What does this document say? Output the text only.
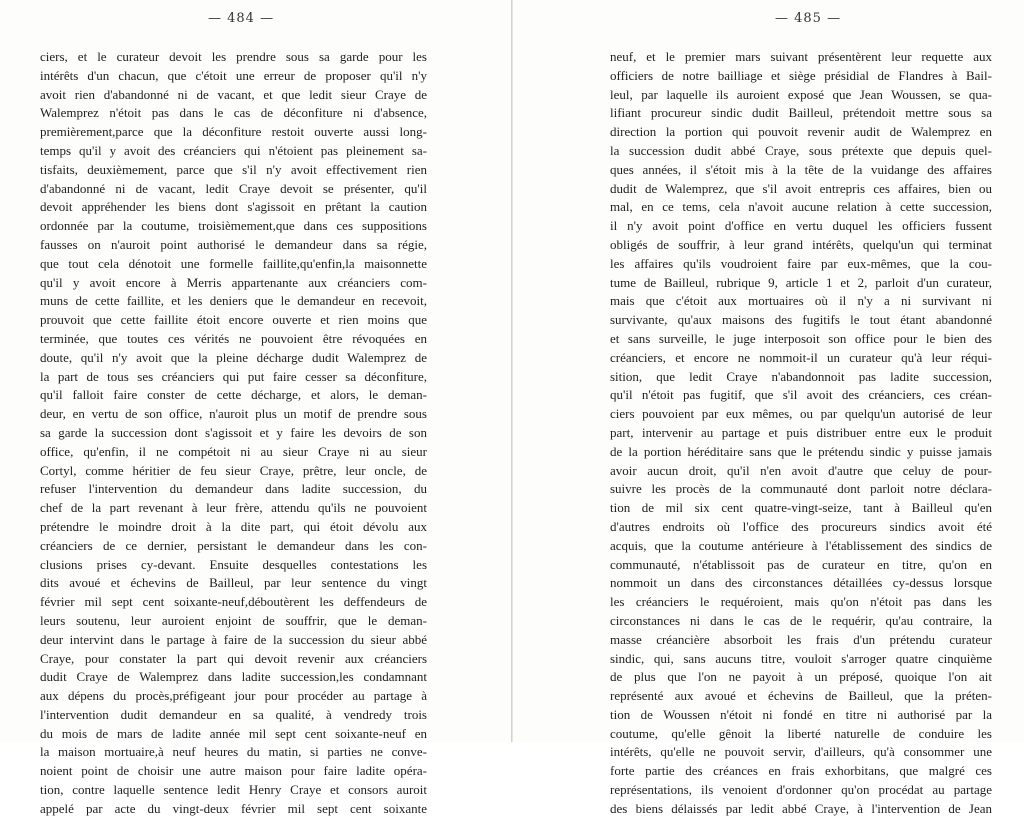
— 484 —
ciers, et le curateur devoit les prendre sous sa garde pour les
intérêts d'un chacun, que c'étoit une erreur de proposer qu'il n'y
avoit rien d'abandonné ni de vacant, et que ledit sieur Craye de
Walemprez n'étoit pas dans le cas de déconfiture ni d'absence,
premièrement,parce que la déconfiture restoit ouverte aussi long-
temps qu'il y avoit des créanciers qui n'étoient pas pleinement sa-
tisfaits, deuxièmement, parce que s'il n'y avoit effectivement rien
d'abandonné ni de vacant, ledit Craye devoit se présenter, qu'il
devoit appréhender les biens dont s'agissoit en prêtant la caution
ordonnée par la coutume, troisièmement,que dans ces suppositions
fausses on n'auroit point authorisé le demandeur dans sa régie,
que tout cela dénotoit une formelle faillite,qu'enfin,la maisonnette
qu'il y avoit encore à Merris appartenante aux créanciers com-
muns de cette faillite, et les deniers que le demandeur en recevoit,
prouvoit que cette faillite étoit encore ouverte et rien moins que
terminée, que toutes ces vérités ne pouvoient être révoquées en
doute, qu'il n'y avoit que la pleine décharge dudit Walemprez de
la part de tous ses créanciers qui put faire cesser sa déconfiture,
qu'il falloit faire conster de cette décharge, et alors, le deman-
deur, en vertu de son office, n'auroit plus un motif de prendre sous
sa garde la succession dont s'agissoit et y faire les devoirs de son
office, qu'enfin, il ne compétoit ni au sieur Craye ni au sieur
Cortyl, comme héritier de feu sieur Craye, prêtre, leur oncle, de
refuser l'intervention du demandeur dans ladite succession, du
chef de la part revenant à leur frère, attendu qu'ils ne pouvoient
prétendre le moindre droit à la dite part, qui étoit dévolu aux
créanciers de ce dernier, persistant le demandeur dans les con-
clusions prises cy-devant. Ensuite desquelles contestations les
dits avoué et échevins de Bailleul, par leur sentence du vingt
février mil sept cent soixante-neuf,déboutèrent les deffendeurs de
leurs soutenu, leur auroient enjoint de souffrir, que le deman-
deur intervint dans le partage à faire de la succession du sieur abbé
Craye, pour constater la part qui devoit revenir aux créanciers
dudit Craye de Walemprez dans ladite succession,les condamnant
aux dépens du procès,préfigeant jour pour procéder au partage à
l'intervention dudit demandeur en sa qualité, à vendredy trois
du mois de mars de ladite année mil sept cent soixante-neuf en
la maison mortuaire,à neuf heures du matin, si parties ne conve-
noient point de choisir une autre maison pour faire ladite opéra-
tion, contre laquelle sentence ledit Henry Craye et consors auroit
appelé par acte du vingt-deux février mil sept cent soixante
— 485 —
neuf, et le premier mars suivant présentèrent leur requette aux
officiers de notre bailliage et siège présidial de Flandres à Bail-
leul, par laquelle ils auroient exposé que Jean Woussen, se qua-
lifiant procureur sindic dudit Bailleul, prétendoit mettre sous sa
direction la portion qui pouvoit revenir audit de Walemprez en
la succession dudit abbé Craye, sous prétexte que depuis quel-
ques années, il s'étoit mis à la tête de la vuidange des affaires
dudit de Walemprez, que s'il avoit entrepris ces affaires, bien ou
mal, en ce tems, cela n'avoit aucune relation à cette succession,
il n'y avoit point d'office en vertu duquel les officiers fussent
obligés de souffrir, à leur grand intérêts, quelqu'un qui terminat
les affaires qu'ils voudroient faire par eux-mêmes, que la cou-
tume de Bailleul, rubrique 9, article 1 et 2, parloit d'un curateur,
mais que c'étoit aux mortuaires où il n'y a ni survivant ni
survivante, qu'aux maisons des fugitifs le tout étant abandonné
et sans surveille, le juge interposoit son office pour le bien des
créanciers, et encore ne nommoit-il un curateur qu'à leur réqui-
sition, que ledit Craye n'abandonnoit pas ladite succession,
qu'il n'étoit pas fugitif, que s'il avoit des créanciers, ces créan-
ciers pouvoient par eux mêmes, ou par quelqu'un autorisé de leur
part, intervenir au partage et puis distribuer entre eux le produit
de la portion héréditaire sans que le prétendu sindic y puisse jamais
avoir aucun droit, qu'il n'en avoit d'autre que celuy de pour-
suivre les procès de la communauté dont parloit notre déclara-
tion de mil six cent quatre-vingt-seize, tant à Bailleul qu'en
d'autres endroits où l'office des procureurs sindics avoit été
acquis, que la coutume antérieure à l'établissement des sindics de
communauté, n'établissoit pas de curateur en titre, qu'on en
nommoit un dans des circonstances détaillées cy-dessus lorsque
les créanciers le requéroient, mais qu'on n'étoit pas dans les
circonstances ni dans le cas de le requérir, qu'au contraire, la
masse créancière absorboit les frais d'un prétendu curateur
sindic, qui, sans aucuns titre, vouloit s'arroger quatre cinquième
de plus que l'on ne payoit à un préposé, quoique l'on ait
représenté aux avoué et échevins de Bailleul, que la préten-
tion de Woussen n'étoit ni fondé en titre ni authorisé par la
coutume, qu'elle gênoit la liberté naturelle de conduire les
intérêts, qu'elle ne pouvoit servir, d'ailleurs, qu'à consommer une
forte partie des créances en frais exhorbitans, que malgré ces
représentations, ils venoient d'ordonner qu'on procédat au partage
des biens délaissés par ledit abbé Craye, à l'intervention de Jean
